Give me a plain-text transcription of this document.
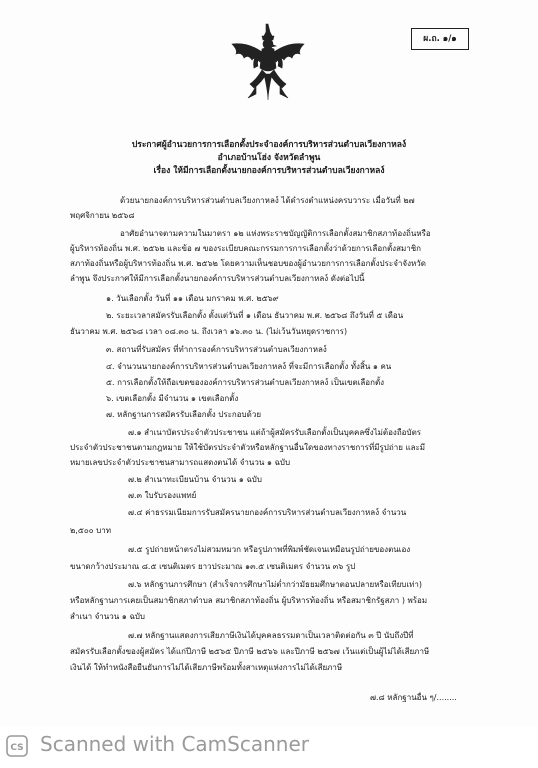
ผ.ถ. ๑/๑
ประกาศผู้อำนวยการการเลือกตั้งประจำองค์การบริหารส่วนตำบลเวียงกาหลง์
อำเภอบ้านโฮ่ง จังหวัดลำพูน
เรื่อง ให้มีการเลือกตั้งนายกองค์การบริหารส่วนตำบลเวียงกาหลง์
ด้วยนายกองค์การบริหารส่วนตำบลเวียงกาหลง์ ได้ดำรงตำแหน่งครบวาระ เมื่อวันที่ ๒๗
พฤศจิกายน ๒๕๖๘
อาศัยอำนาจตามความในมาตรา ๑๒ แห่งพระราชบัญญัติการเลือกตั้งสมาชิกสภาท้องถิ่นหรือ
ผู้บริหารท้องถิ่น พ.ศ. ๒๕๖๒ และข้อ ๗ ของระเบียบคณะกรรมการการเลือกตั้งว่าด้วยการเลือกตั้งสมาชิก
สภาท้องถิ่นหรือผู้บริหารท้องถิ่น พ.ศ. ๒๕๖๒ โดยความเห็นชอบของผู้อำนวยการการเลือกตั้งประจำจังหวัด
ลำพูน จึงประกาศให้มีการเลือกตั้งนายกองค์การบริหารส่วนตำบลเวียงกาหลง์ ดังต่อไปนี้
๑. วันเลือกตั้ง วันที่ ๑๑ เดือน มกราคม พ.ศ. ๒๕๖๙
๒. ระยะเวลาสมัครรับเลือกตั้ง ตั้งแต่วันที่ ๑ เดือน ธันวาคม พ.ศ. ๒๕๖๘ ถึงวันที่ ๕ เดือน
ธันวาคม พ.ศ. ๒๕๖๘ เวลา ๐๘.๓๐ น. ถึงเวลา ๑๖.๓๐ น. (ไม่เว้นวันหยุดราชการ)
๓. สถานที่รับสมัคร ที่ทำการองค์การบริหารส่วนตำบลเวียงกาหลง์
๔. จำนวนนายกองค์การบริหารส่วนตำบลเวียงกาหลง์ ที่จะมีการเลือกตั้ง ทั้งสิ้น ๑ คน
๕. การเลือกตั้งให้ถือเขตขององค์การบริหารส่วนตำบลเวียงกาหลง์ เป็นเขตเลือกตั้ง
๖. เขตเลือกตั้ง มีจำนวน ๑ เขตเลือกตั้ง
๗. หลักฐานการสมัครรับเลือกตั้ง ประกอบด้วย
๗.๑ สำเนาบัตรประจำตัวประชาชน แต่ถ้าผู้สมัครรับเลือกตั้งเป็นบุคคลซึ่งไม่ต้องถือบัตร
ประจำตัวประชาชนตามกฎหมาย ให้ใช้บัตรประจำตัวหรือหลักฐานอื่นใดของทางราชการที่มีรูปถ่าย และมี
หมายเลขประจำตัวประชาชนสามารถแสดงตนได้ จำนวน ๑ ฉบับ
๗.๒ สำเนาทะเบียนบ้าน จำนวน ๑ ฉบับ
๗.๓ ใบรับรองแพทย์
๗.๔ ค่าธรรมเนียมการรับสมัครนายกองค์การบริหารส่วนตำบลเวียงกาหลง์ จำนวน
๒,๕๐๐ บาท
๗.๕ รูปถ่ายหน้าตรงไม่สวมหมวก หรือรูปภาพที่พิมพ์ชัดเจนเหมือนรูปถ่ายของตนเอง
ขนาดกว้างประมาณ ๘.๕ เซนติเมตร ยาวประมาณ ๑๓.๕ เซนติเมตร จำนวน ๓๖ รูป
๗.๖ หลักฐานการศึกษา (สำเร็จการศึกษาไม่ต่ำกว่ามัธยมศึกษาตอนปลายหรือเทียบเท่า)
หรือหลักฐานการเคยเป็นสมาชิกสภาตำบล สมาชิกสภาท้องถิ่น ผู้บริหารท้องถิ่น หรือสมาชิกรัฐสภา ) พร้อม
สำเนา จำนวน ๑ ฉบับ
๗.๗ หลักฐานแสดงการเสียภาษีเงินได้บุคคลธรรมดาเป็นเวลาติดต่อกัน ๓ ปี นับถึงปีที่
สมัครรับเลือกตั้งของผู้สมัคร ได้แก่ปีภาษี ๒๕๖๕ ปีภาษี ๒๕๖๖ และปีภาษี ๒๕๖๗ เว้นแต่เป็นผู้ไม่ได้เสียภาษี
เงินได้ ให้ทำหนังสือยืนยันการไม่ได้เสียภาษีพร้อมทั้งสาเหตุแห่งการไม่ได้เสียภาษี
๗.๘ หลักฐานอื่น ๆ/........
CS Scanned with CamScanner
